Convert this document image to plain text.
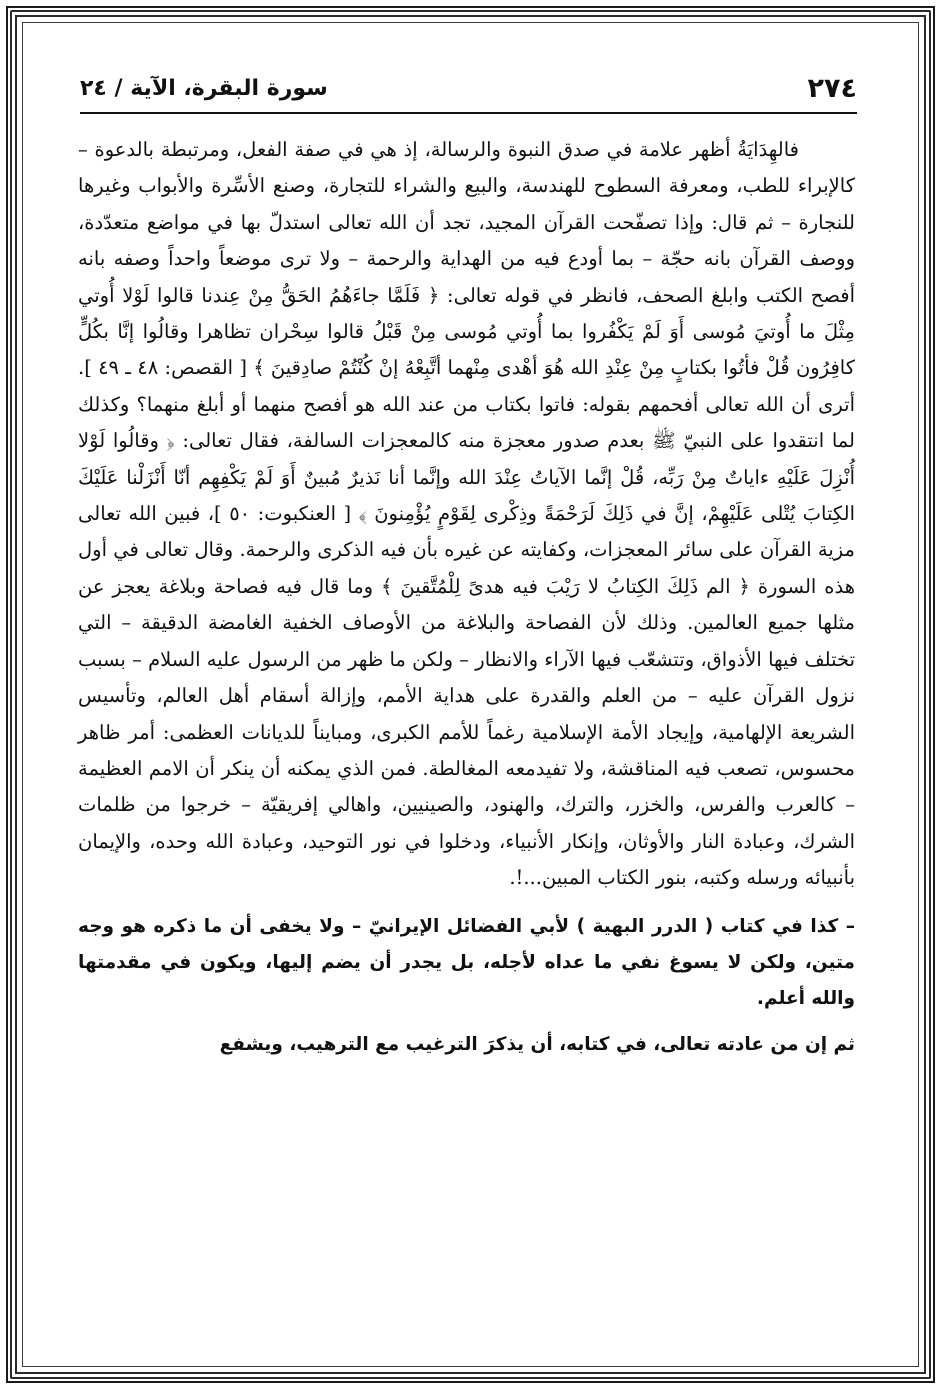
٢٧٤
سورة البقرة، الآية / ٢٤

فالهِدَايَةُ أظهر علامة في صدق النبوة والرسالة، إذ هي في صفة الفعل، ومرتبطة بالدعوة – كالإبراء للطب، ومعرفة السطوح للهندسة، والبيع والشراء للتجارة، وصنع الأسِّرة والأبواب وغيرها للنجارة – ثم قال: وإذا تصفّحت القرآن المجيد، تجد أن الله تعالى استدلّ بها في مواضع متعدّدة، ووصف القرآن بانه حجّة – بما أودع فيه من الهداية والرحمة – ولا ترى موضعاً واحداً وصفه بانه أفصح الكتب وابلغ الصحف، فانظر في قوله تعالى: ﴿ فَلَمَّا جاءَهُمُ الحَقُّ مِنْ عِندنا قالوا لَوْلا أُوتي مِثْلَ ما أُوتيَ مُوسى أَوَ لَمْ يَكْفُروا بما أُوتي مُوسى مِنْ قَبْلُ قالوا سِحْران تظاهرا وقالُوا إنَّا بكُلٍّ كافِرُون قُلْ فأتُوا بكتابٍ مِنْ عِنْدِ الله هُوَ أهْدى مِنْهما أتَّبِعْهُ إنْ كُنْتُمْ صادِقينَ ﴾ [ القصص: ٤٨ ـ ٤٩ ]. أترى أن الله تعالى أفحمهم بقوله: فاتوا بكتاب من عند الله هو أفصح منهما أو أبلغ منهما؟ وكذلك لما انتقدوا على النبيّ ﷺ بعدم صدور معجزة منه كالمعجزات السالفة، فقال تعالى: ﴿ وقالُوا لَوْلا أُنْزِلَ عَلَيْهِ ءاياتٌ مِنْ رَبِّه، قُلْ إنَّما الآياتُ عِنْدَ الله وإنَّما أنا نَذيرٌ مُبينٌ أَوَ لَمْ يَكْفِهِم أنّا أَنْزَلْنا عَلَيْكَ الكِتابَ يُتْلى عَلَيْهِمْ، إنَّ في ذَلِكَ لَرَحْمَةً وذِكْرى لِقَوْمٍ يُؤْمِنونَ ﴾ [ العنكبوت: ٥٠ ]، فبين الله تعالى مزية القرآن على سائر المعجزات، وكفايته عن غيره بأن فيه الذكرى والرحمة. وقال تعالى في أول هذه السورة ﴿ الم ذَلِكَ الكِتابُ لا رَيْبَ فيه هدىً لِلْمُتَّقينَ ﴾ وما قال فيه فصاحة وبلاغة يعجز عن مثلها جميع العالمين. وذلك لأن الفصاحة والبلاغة من الأوصاف الخفية الغامضة الدقيقة – التي تختلف فيها الأذواق، وتتشعّب فيها الآراء والانظار – ولكن ما ظهر من الرسول عليه السلام – بسبب نزول القرآن عليه – من العلم والقدرة على هداية الأمم، وإزالة أسقام أهل العالم، وتأسيس الشريعة الإلهامية، وإيجاد الأمة الإسلامية رغماً للأمم الكبرى، ومبايناً للديانات العظمى: أمر ظاهر محسوس، تصعب فيه المناقشة، ولا تفيدمعه المغالطة. فمن الذي يمكنه أن ينكر أن الامم العظيمة – كالعرب والفرس، والخزر، والترك، والهنود، والصينيين، واهالي إفريقيّة – خرجوا من ظلمات الشرك، وعبادة النار والأوثان، وإنكار الأنبياء، ودخلوا في نور التوحيد، وعبادة الله وحده، والإيمان بأنبيائه ورسله وكتبه، بنور الكتاب المبين...!.

– كذا في كتاب ( الدرر البهية ) لأبي الفضائل الإيرانيّ – ولا يخفى أن ما ذكره هو وجه متين، ولكن لا يسوغ نفي ما عداه لأجله، بل يجدر أن يضم إليها، ويكون في مقدمتها والله أعلم.

ثم إن من عادته تعالى، في كتابه، أن يذكرَ الترغيب مع الترهيب، ويشفع
